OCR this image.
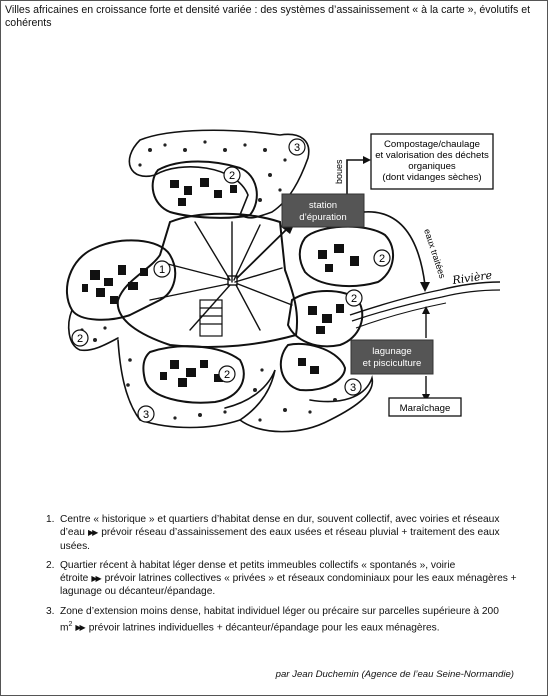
Villes africaines en croissance forte et densité variée : des systèmes d’assainissement « à la carte », évolutifs et cohérents
1
2
2
2
2
2
3
3
3
Compostage/chaulage
et valorisation des déchets
organiques
(dont vidanges sèches)
boues
station
d’épuration
eaux traitées Rivière
lagunage
et pisciculture
Maraîchage
1. Centre « historique » et quartiers d’habitat dense en dur, souvent collectif, avec voiries et réseaux d’eau ▶▶ prévoir réseau d’assainissement des eaux usées et réseau pluvial + traitement des eaux usées.
2. Quartier récent à habitat léger dense et petits immeubles collectifs « spontanés », voirie étroite ▶▶ prévoir latrines collectives « privées » et réseaux condominiaux pour les eaux ménagères + lagunage ou décanteur/épandage.
3. Zone d’extension moins dense, habitat individuel léger ou précaire sur parcelles supérieure à 200 $m^2$ ▶▶ prévoir latrines individuelles + décanteur/épandage pour les eaux ménagères.
par Jean Duchemin (Agence de l’eau Seine-Normandie)
